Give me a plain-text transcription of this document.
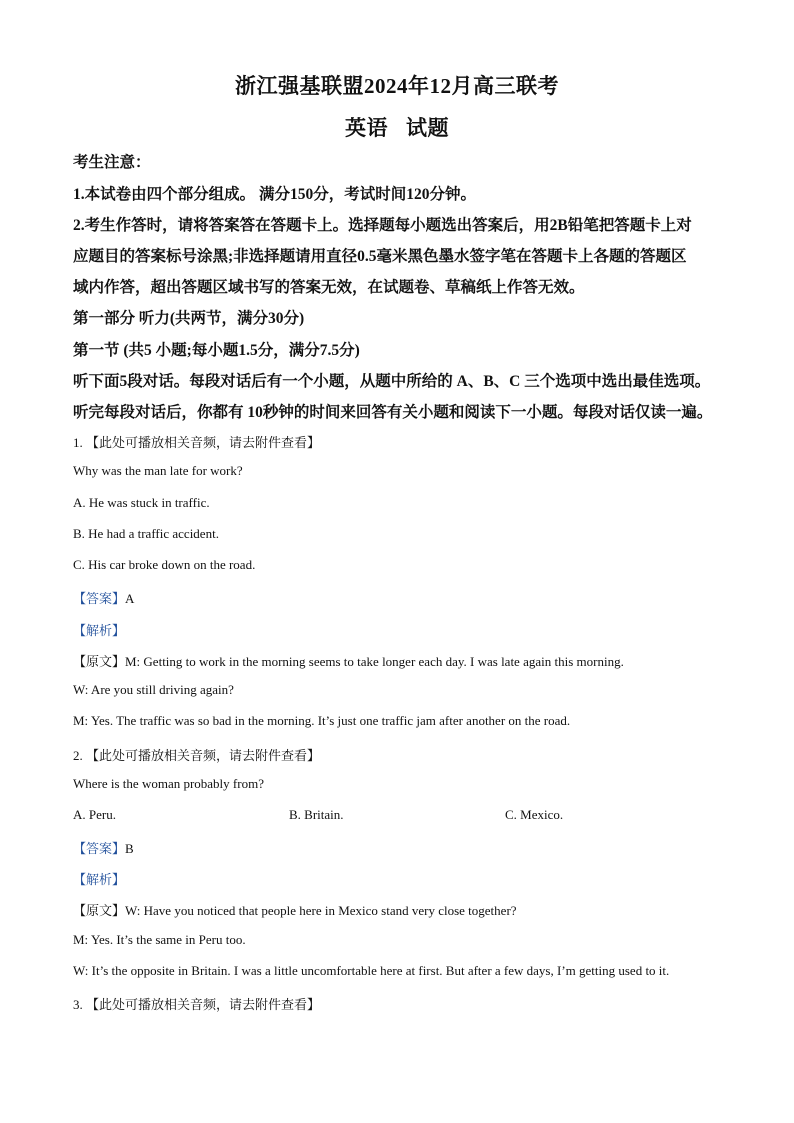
浙江强基联盟2024年12月高三联考
英语 试题
考生注意：
1.本试卷由四个部分组成。 满分150分，考试时间120分钟。
2.考生作答时，请将答案答在答题卡上。选择题每小题选出答案后，用2B铅笔把答题卡上对
应题目的答案标号涂黑;非选择题请用直径0.5毫米黑色墨水签字笔在答题卡上各题的答题区
域内作答，超出答题区域书写的答案无效，在试题卷、草稿纸上作答无效。
第一部分 听力(共两节，满分30分)
第一节 (共5 小题;每小题1.5分，满分7.5分)
听下面5段对话。每段对话后有一个小题，从题中所给的 A、B、C 三个选项中选出最佳选项。
听完每段对话后，你都有 10秒钟的时间来回答有关小题和阅读下一小题。每段对话仅读一遍。
1. 【此处可播放相关音频，请去附件查看】
Why was the man late for work?
A. He was stuck in traffic.
B. He had a traffic accident.
C. His car broke down on the road.
【答案】A
【解析】
【原文】M: Getting to work in the morning seems to take longer each day. I was late again this morning.
W: Are you still driving again?
M: Yes. The traffic was so bad in the morning. It’s just one traffic jam after another on the road.
2. 【此处可播放相关音频，请去附件查看】
Where is the woman probably from?
A. Peru.	B. Britain.	C. Mexico.
【答案】B
【解析】
【原文】W: Have you noticed that people here in Mexico stand very close together?
M: Yes. It’s the same in Peru too.
W: It’s the opposite in Britain. I was a little uncomfortable here at first. But after a few days, I’m getting used to it.
3. 【此处可播放相关音频，请去附件查看】
